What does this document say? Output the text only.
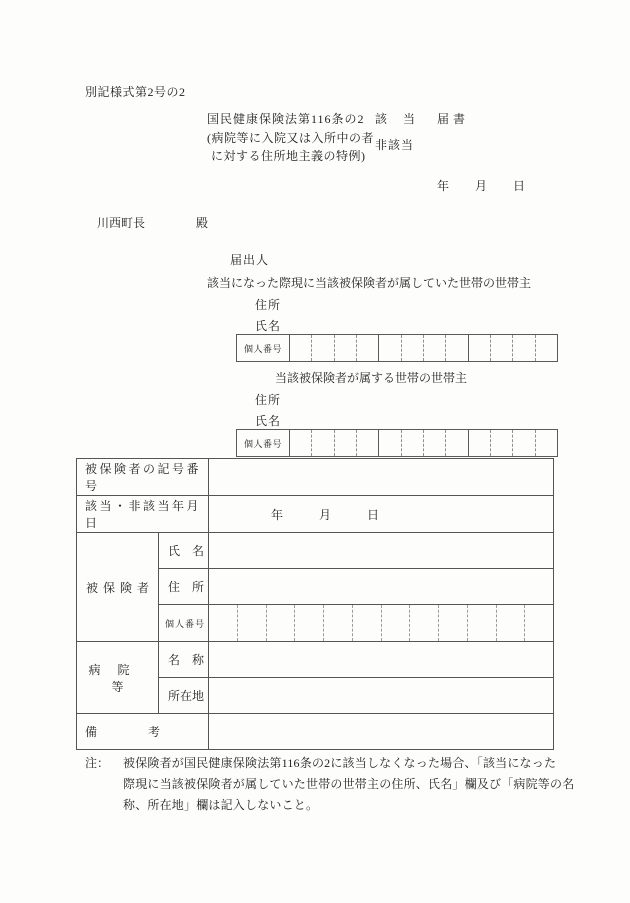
別記様式第2号の2
国民健康保険法第116条の2
(病院等に入院又は入所中の者
に対する住所地主義の特例)
該　当
非該当
届書
年　月　日
川西町長	殿
届出人
該当になった際現に当該被保険者が属していた世帯の世帯主
住所
氏名
個人番号
当該被保険者が属する世帯の世帯主
住所
氏名
個人番号
被保険者の記号番号		
該当・非該当年月日		年　　　月　　　日
被保険者	氏　名	
	住　所	
	個人番号	

病院等	名　称	
	所在地	

備 考		

注：	被保険者が国民健康保険法第116条の2に該当しなくなった場合、「該当になった
際現に当該被保険者が属していた世帯の世帯主の住所、氏名」欄及び「病院等の名
称、所在地」欄は記入しないこと。
